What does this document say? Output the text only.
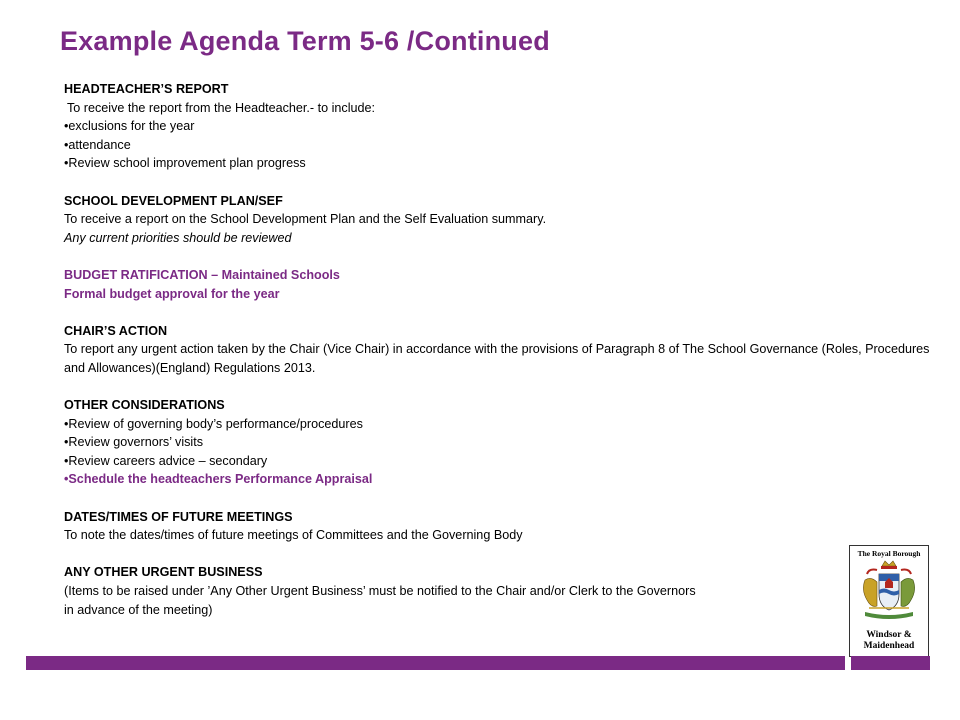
Example Agenda Term 5-6 /Continued
HEADTEACHER’S REPORT
To receive the report from the Headteacher.- to include:
•exclusions for the year
•attendance
•Review school improvement plan progress
SCHOOL DEVELOPMENT PLAN/SEF
To receive a report on the School Development Plan and the Self Evaluation summary.
Any current priorities should be reviewed
BUDGET RATIFICATION – Maintained Schools
Formal budget approval for the year
CHAIR’S ACTION
To report any urgent action taken by the Chair (Vice Chair) in accordance with the provisions of Paragraph 8 of The School Governance (Roles, Procedures and Allowances)(England) Regulations 2013.
OTHER CONSIDERATIONS
•Review of governing body’s performance/procedures
•Review governors’ visits
•Review careers advice – secondary
•Schedule the headteachers Performance Appraisal
DATES/TIMES OF FUTURE MEETINGS
To note the dates/times of future meetings of Committees and the Governing Body
ANY OTHER URGENT BUSINESS
(Items to be raised under ’Any Other Urgent Business’ must be notified to the Chair and/or Clerk to the Governors
in advance of the meeting)
The Royal Borough
Windsor &
Maidenhead
